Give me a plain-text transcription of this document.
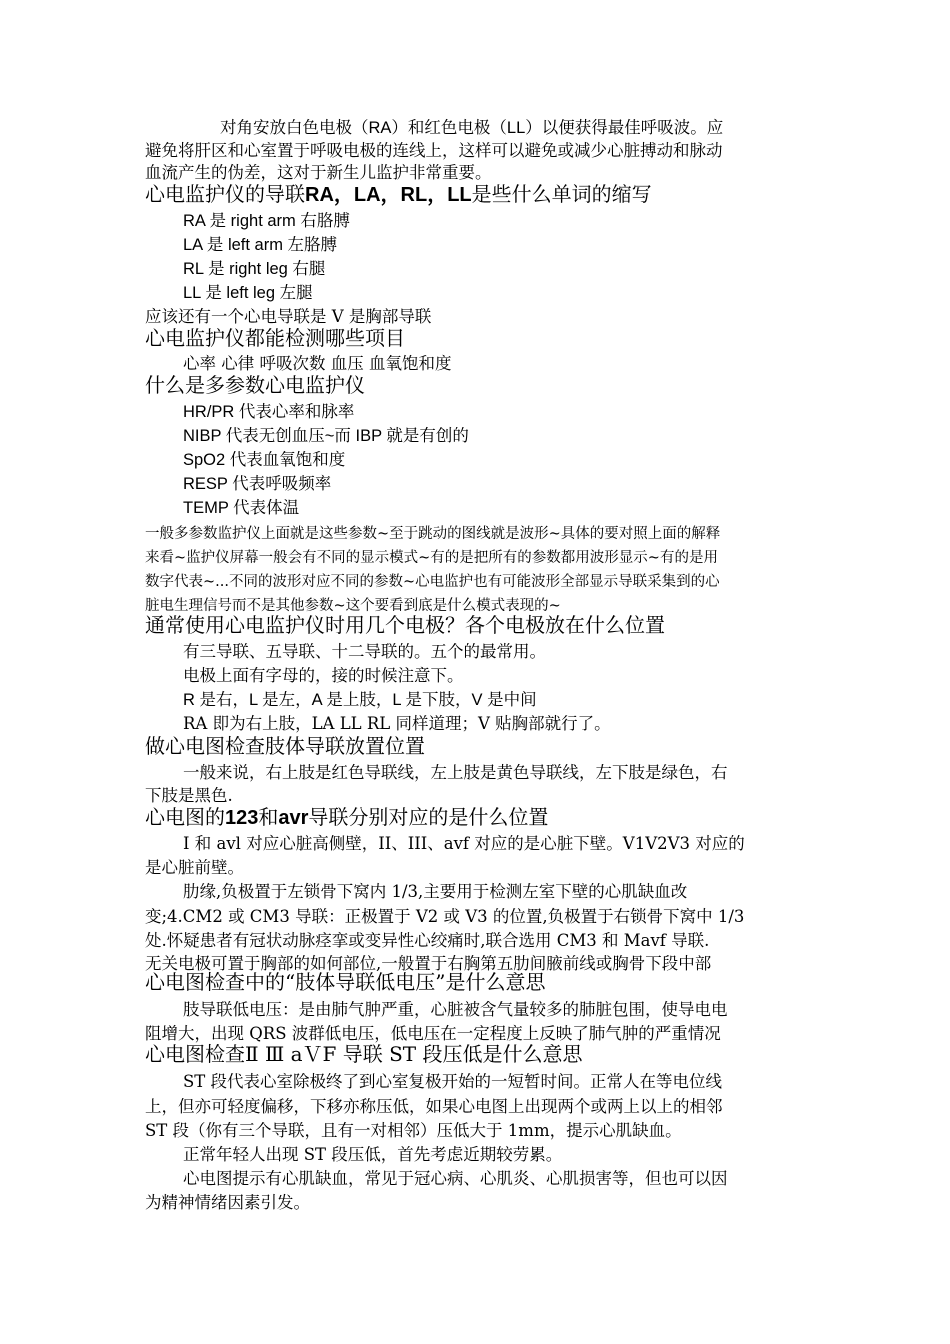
对角安放白色电极（RA）和红色电极（LL）以便获得最佳呼吸波。应
避免将肝区和心室置于呼吸电极的连线上，这样可以避免或减少心脏搏动和脉动
血流产生的伪差，这对于新生儿监护非常重要。
心电监护仪的导联RA，LA，RL，LL是些什么单词的缩写
RA 是 right arm 右胳膊
LA 是 left arm 左胳膊
RL 是 right leg 右腿
LL 是 left leg 左腿
应该还有一个心电导联是 V 是胸部导联
心电监护仪都能检测哪些项目
心率 心律 呼吸次数 血压 血氧饱和度
什么是多参数心电监护仪
HR/PR 代表心率和脉率
NIBP 代表无创血压~而 IBP 就是有创的
SpO2 代表血氧饱和度
RESP 代表呼吸频率
TEMP 代表体温
一般多参数监护仪上面就是这些参数~至于跳动的图线就是波形~具体的要对照上面的解释
来看~监护仪屏幕一般会有不同的显示模式~有的是把所有的参数都用波形显示~有的是用
数字代表~...不同的波形对应不同的参数~心电监护也有可能波形全部显示导联采集到的心
脏电生理信号而不是其他参数~这个要看到底是什么模式表现的~
通常使用心电监护仪时用几个电极？各个电极放在什么位置
有三导联、五导联、十二导联的。五个的最常用。
电极上面有字母的，接的时候注意下。
R 是右，L 是左，A 是上肢，L 是下肢，V 是中间
RA 即为右上肢，LA LL RL 同样道理；V 贴胸部就行了。
做心电图检查肢体导联放置位置
一般来说，右上肢是红色导联线，左上肢是黄色导联线，左下肢是绿色，右
下肢是黑色.
心电图的123和avr导联分别对应的是什么位置
I 和 avl 对应心脏高侧壁，II、III、avf 对应的是心脏下壁。V1V2V3 对应的
是心脏前壁。
肋缘,负极置于左锁骨下窝内 1/3,主要用于检测左室下壁的心肌缺血改
变;4.CM2 或 CM3 导联：正极置于 V2 或 V3 的位置,负极置于右锁骨下窝中 1/3
处.怀疑患者有冠状动脉痉挛或变异性心绞痛时,联合选用 CM3 和 Mavf 导联.
无关电极可置于胸部的如何部位,一般置于右胸第五肋间腋前线或胸骨下段中部
心电图检查中的“肢体导联低电压”是什么意思
肢导联低电压：是由肺气肿严重，心脏被含气量较多的肺脏包围，使导电电
阻增大，出现 QRS 波群低电压，低电压在一定程度上反映了肺气肿的严重情况
心电图检查Ⅱ Ⅲ aＶF 导联 ST 段压低是什么意思
ST 段代表心室除极终了到心室复极开始的一短暂时间。正常人在等电位线
上，但亦可轻度偏移，下移亦称压低，如果心电图上出现两个或两上以上的相邻
ST 段（你有三个导联，且有一对相邻）压低大于 1mm，提示心肌缺血。
正常年轻人出现 ST 段压低，首先考虑近期较劳累。
心电图提示有心肌缺血，常见于冠心病、心肌炎、心肌损害等，但也可以因
为精神情绪因素引发。
